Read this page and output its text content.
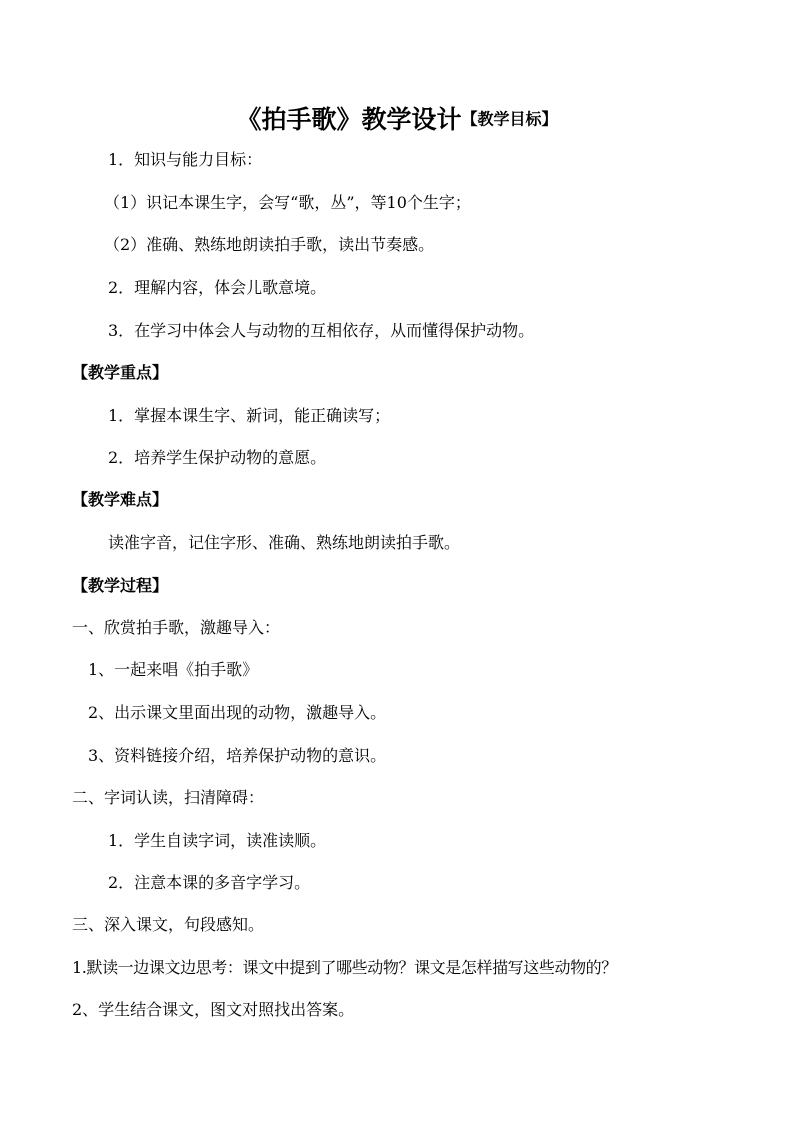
《拍手歌》教学设计【教学目标】
1．知识与能力目标：
（1）识记本课生字，会写“歌，丛”，等10个生字；
（2）准确、熟练地朗读拍手歌，读出节奏感。
2．理解内容，体会儿歌意境。
3．在学习中体会人与动物的互相依存，从而懂得保护动物。
【教学重点】
1．掌握本课生字、新词，能正确读写；
2．培养学生保护动物的意愿。
【教学难点】
读准字音，记住字形、准确、熟练地朗读拍手歌。
【教学过程】
一、欣赏拍手歌，激趣导入：
1、一起来唱《拍手歌》
2、出示课文里面出现的动物，激趣导入。
3、资料链接介绍，培养保护动物的意识。
二、字词认读，扫清障碍：
1．学生自读字词，读准读顺。
2．注意本课的多音字学习。
三、深入课文，句段感知。
1.默读一边课文边思考：课文中提到了哪些动物？课文是怎样描写这些动物的？
2、学生结合课文，图文对照找出答案。
